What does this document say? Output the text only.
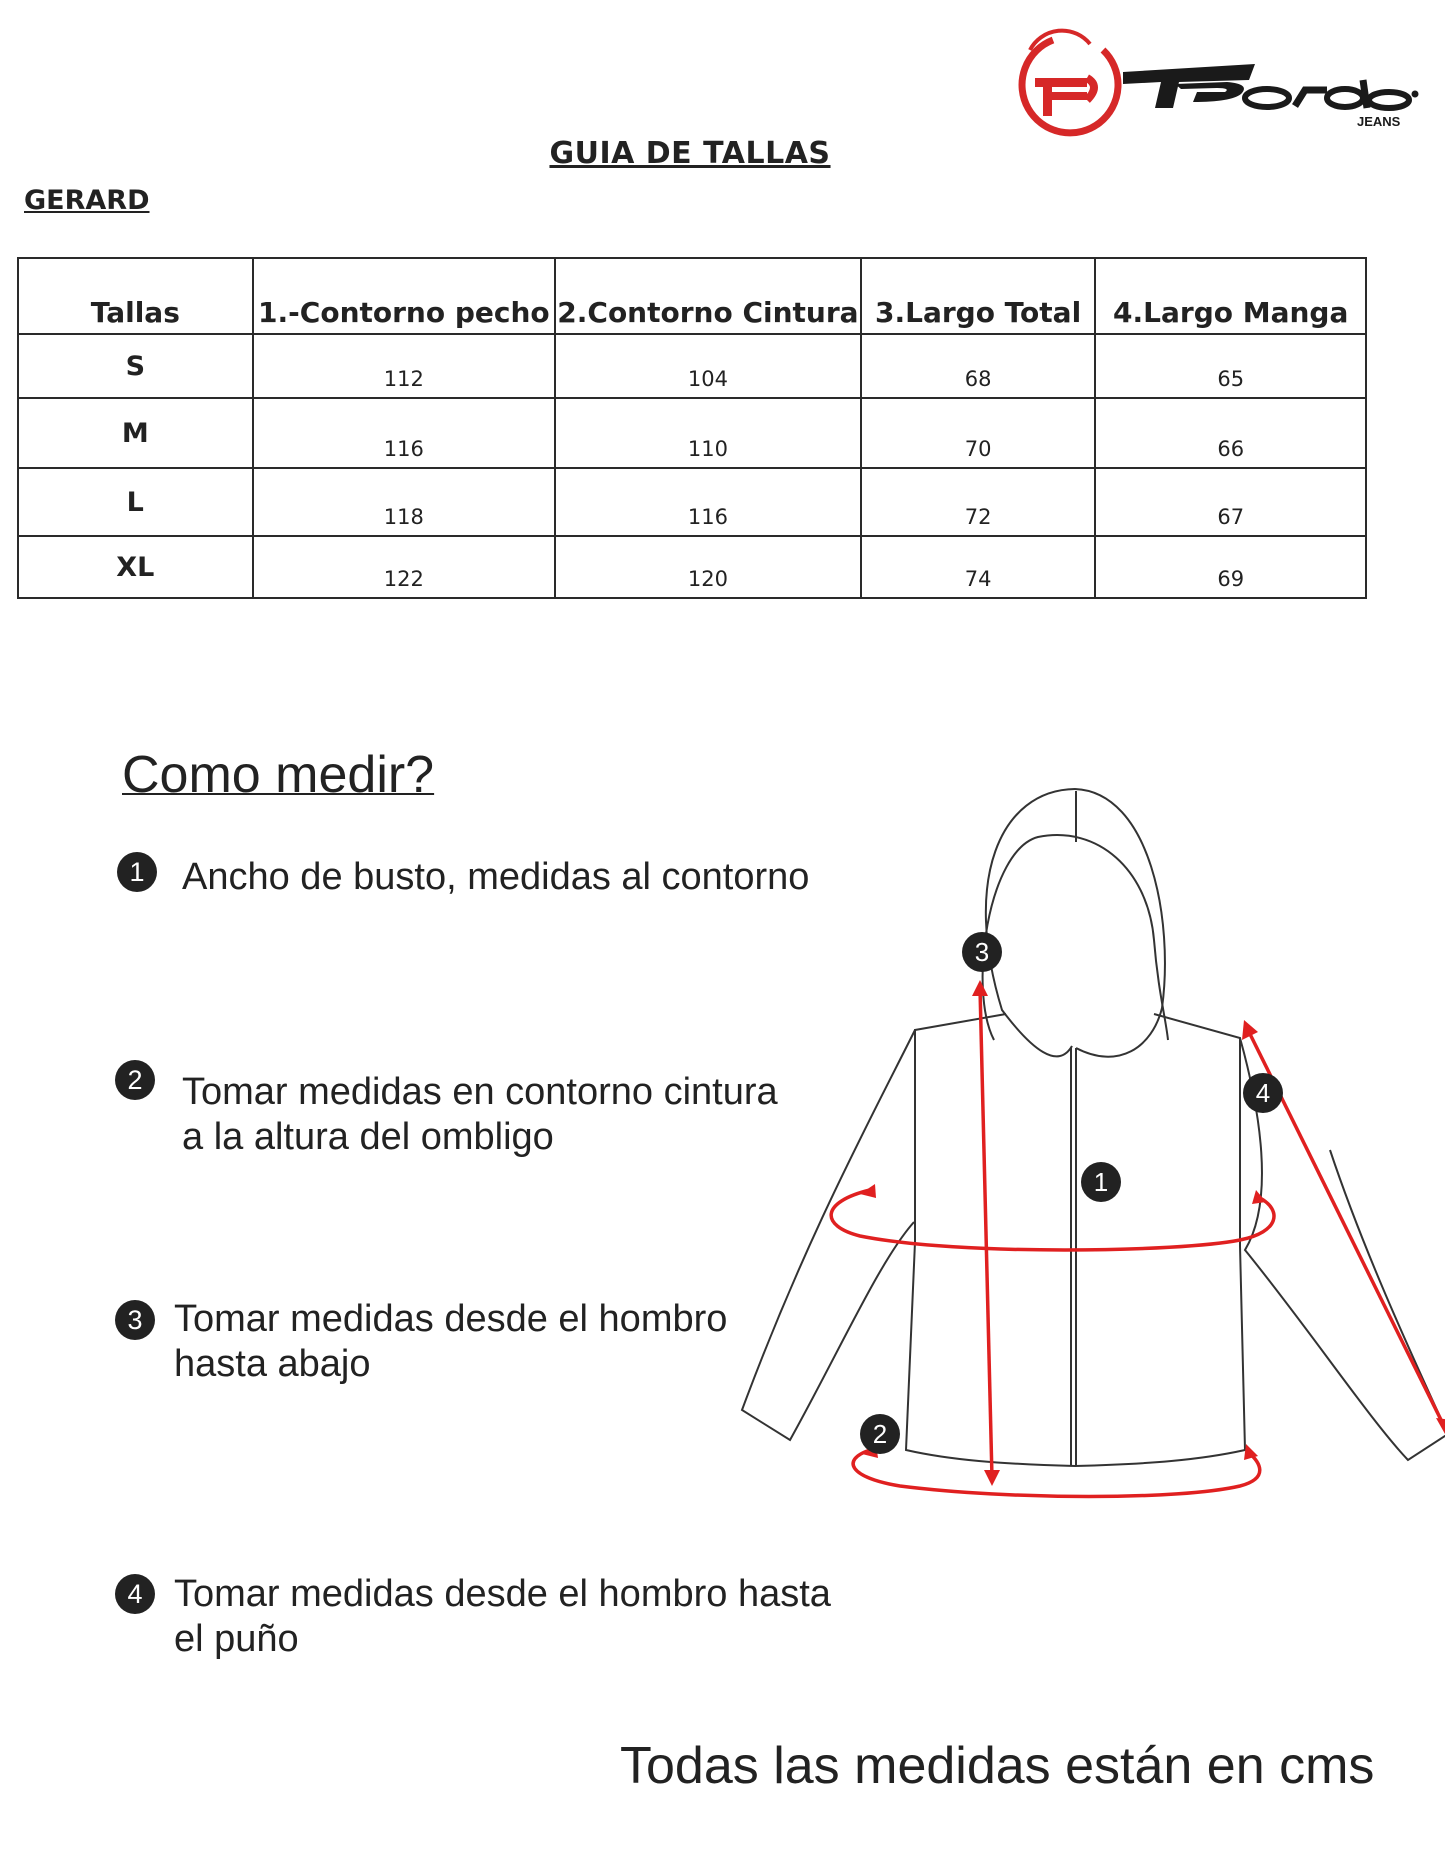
JEANS
GUIA DE TALLAS
GERARD
Tallas	1.-Contorno pecho	2.Contorno Cintura	3.Largo Total	4.Largo Manga
S	112	104	68	65
M	116	110	70	66
L	118	116	72	67
XL	122	120	74	69
Como medir?
1 Ancho de busto, medidas al contorno
2	Tomar medidas en contorno cintura
a la altura del ombligo
3 Tomar medidas desde el hombro
hasta abajo
4 Tomar medidas desde el hombro hasta
el puño
3
4
1
2
Todas las medidas están en cms
